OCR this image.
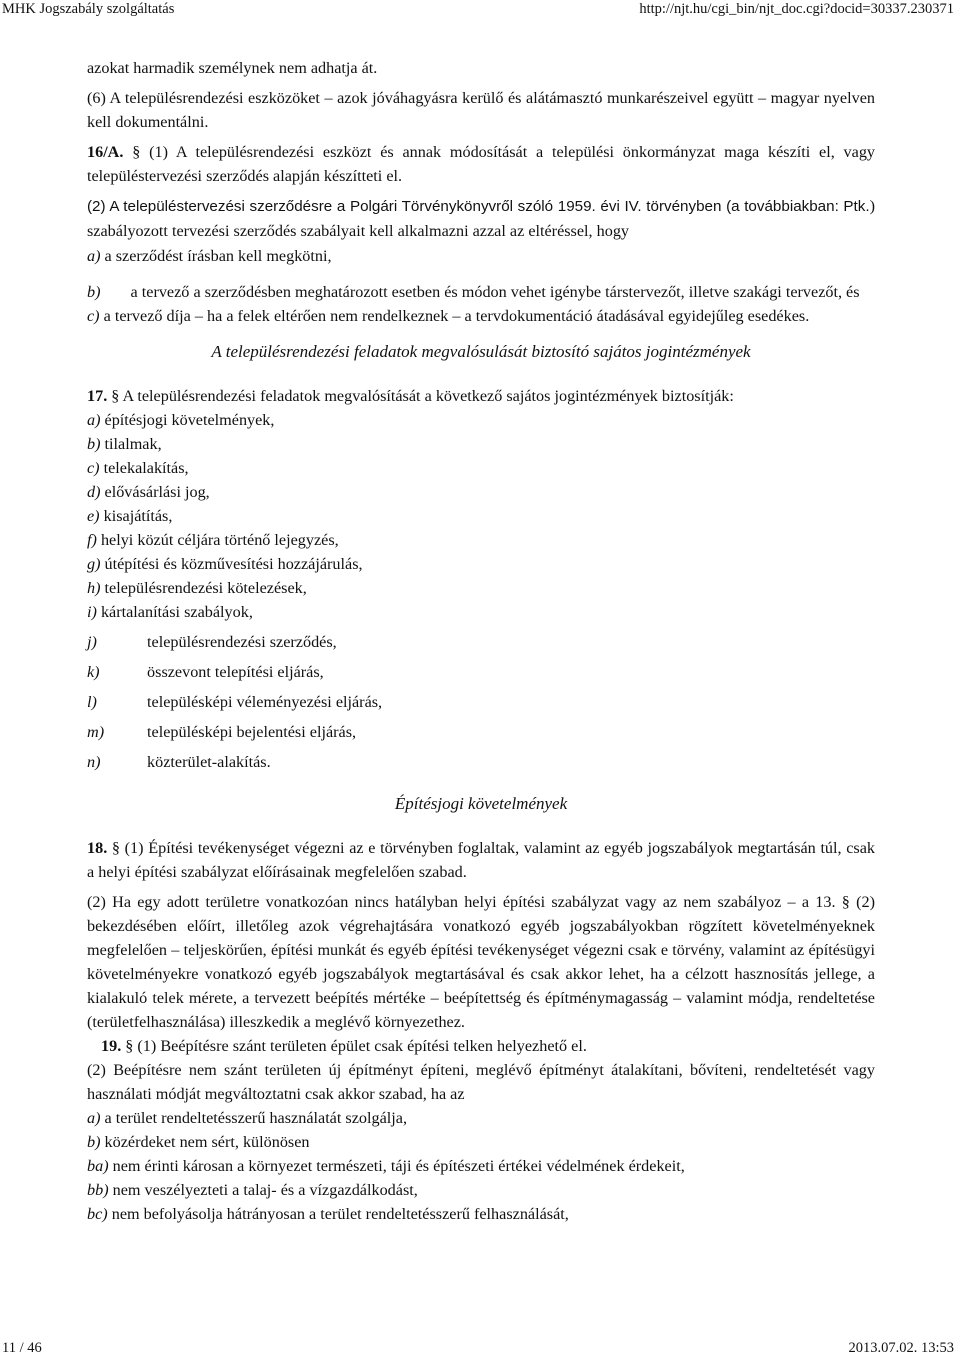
MHK Jogszabály szolgáltatás	http://njt.hu/cgi_bin/njt_doc.cgi?docid=30337.230371

azokat harmadik személynek nem adhatja át.

(6) A településrendezési eszközöket – azok jóváhagyásra kerülő és alátámasztó munkarészeivel együtt – magyar nyelven kell dokumentálni.

16/A. § (1) A településrendezési eszközt és annak módosítását a települési önkormányzat maga készíti el, vagy településtervezési szerződés alapján készítteti el.

(2) A településtervezési szerződésre a Polgári Törvénykönyvről szóló 1959. évi IV. törvényben (a továbbiakban: Ptk.) szabályozott tervezési szerződés szabályait kell alkalmazni azzal az eltéréssel, hogy

a) a szerződést írásban kell megkötni,

b) a tervező a szerződésben meghatározott esetben és módon vehet igénybe társtervezőt, illetve szakági tervezőt, és

c) a tervező díja – ha a felek eltérően nem rendelkeznek – a tervdokumentáció átadásával egyidejűleg esedékes.

A településrendezési feladatok megvalósulását biztosító sajátos jogintézmények

17. § A településrendezési feladatok megvalósítását a következő sajátos jogintézmények biztosítják:

a) építésjogi követelmények,

b) tilalmak,

c) telekalakítás,

d) elővásárlási jog,

e) kisajátítás,

f) helyi közút céljára történő lejegyzés,

g) útépítési és közművesítési hozzájárulás,

h) településrendezési kötelezések,

i) kártalanítási szabályok,

j)	településrendezési szerződés,

k)	összevont telepítési eljárás,

l)	településképi véleményezési eljárás,

m)	településképi bejelentési eljárás,

n)	közterület-alakítás.

Építésjogi követelmények

18. § (1) Építési tevékenységet végezni az e törvényben foglaltak, valamint az egyéb jogszabályok megtartásán túl, csak a helyi építési szabályzat előírásainak megfelelően szabad.

(2) Ha egy adott területre vonatkozóan nincs hatályban helyi építési szabályzat vagy az nem szabályoz – a 13. § (2) bekezdésében előírt, illetőleg azok végrehajtására vonatkozó egyéb jogszabályokban rögzített követelményeknek megfelelően – teljeskörűen, építési munkát és egyéb építési tevékenységet végezni csak e törvény, valamint az építésügyi követelményekre vonatkozó egyéb jogszabályok megtartásával és csak akkor lehet, ha a célzott hasznosítás jellege, a kialakuló telek mérete, a tervezett beépítés mértéke – beépítettség és építménymagasság – valamint módja, rendeltetése (területfelhasználása) illeszkedik a meglévő környezethez.

19. § (1) Beépítésre szánt területen épület csak építési telken helyezhető el.

(2) Beépítésre nem szánt területen új építményt építeni, meglévő építményt átalakítani, bővíteni, rendeltetését vagy használati módját megváltoztatni csak akkor szabad, ha az

a) a terület rendeltetésszerű használatát szolgálja,

b) közérdeket nem sért, különösen

ba) nem érinti károsan a környezet természeti, táji és építészeti értékei védelmének érdekeit,

bb) nem veszélyezteti a talaj- és a vízgazdálkodást,

bc) nem befolyásolja hátrányosan a terület rendeltetésszerű felhasználását,

11 / 46	2013.07.02. 13:53
